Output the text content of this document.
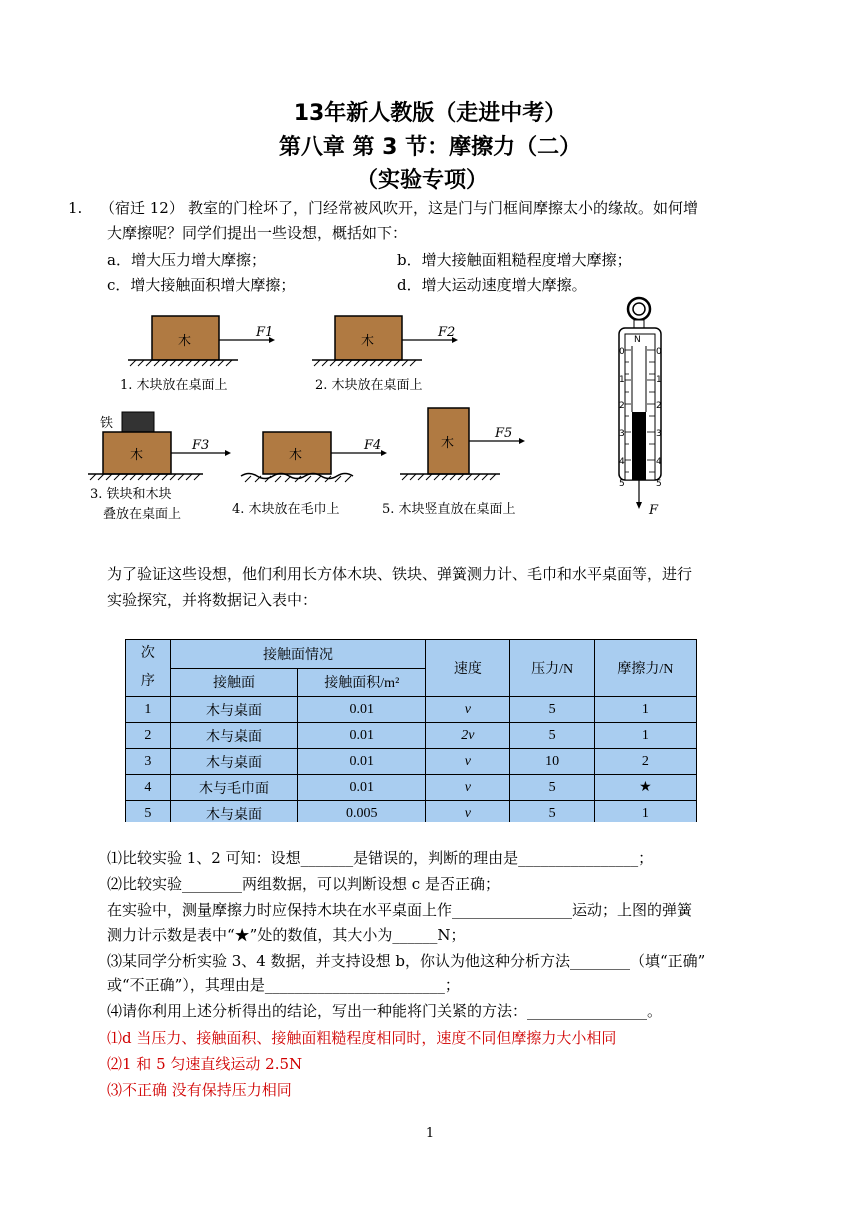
13年新人教版（走进中考）
第八章 第 3 节：摩擦力（二）
（实验专项）
1. （宿迁 12） 教室的门栓坏了，门经常被风吹开，这是门与门框间摩擦太小的缘故。如何增
大摩擦呢？同学们提出一些设想，概括如下：
a．增大压力增大摩擦；	b．增大接触面粗糙程度增大摩擦；
c．增大接触面积增大摩擦；	d．增大运动速度增大摩擦。
木
F1
木
F2
铁
木
F3
木
F4	木
F5
1. 木块放在桌面上	2. 木块放在桌面上
3. 铁块和木块
叠放在桌面上	4. 木块放在毛巾上	5. 木块竖直放在桌面上
N
0	0
1	1
2	2
3	3
4	4
5	5
F
为了验证这些设想，他们利用长方体木块、铁块、弹簧测力计、毛巾和水平桌面等，进行
实验探究，并将数据记入表中：
次
序	接触面情况		速度	压力/N	摩擦力/N
	接触面	接触面积/m²			
1	木与桌面	0.01	v	5	1
2	木与桌面	0.01	2v	5	1
3	木与桌面	0.01	v	10	2
4	木与毛巾面	0.01	v	5	★
5	木与桌面	0.005	v	5	1
⑴比较实验 1、2 可知：设想_______是错误的，判断的理由是________________；
⑵比较实验________两组数据，可以判断设想 c 是否正确；
在实验中，测量摩擦力时应保持木块在水平桌面上作________________运动；上图的弹簧
测力计示数是表中“★”处的数值，其大小为______N；
⑶某同学分析实验 3、4 数据，并支持设想 b，你认为他这种分析方法________（填“正确”
或“不正确”），其理由是________________________；
⑷请你利用上述分析得出的结论，写出一种能将门关紧的方法：________________。
⑴d 当压力、接触面积、接触面粗糙程度相同时，速度不同但摩擦力大小相同
⑵1 和 5 匀速直线运动 2.5N
⑶不正确 没有保持压力相同
1
